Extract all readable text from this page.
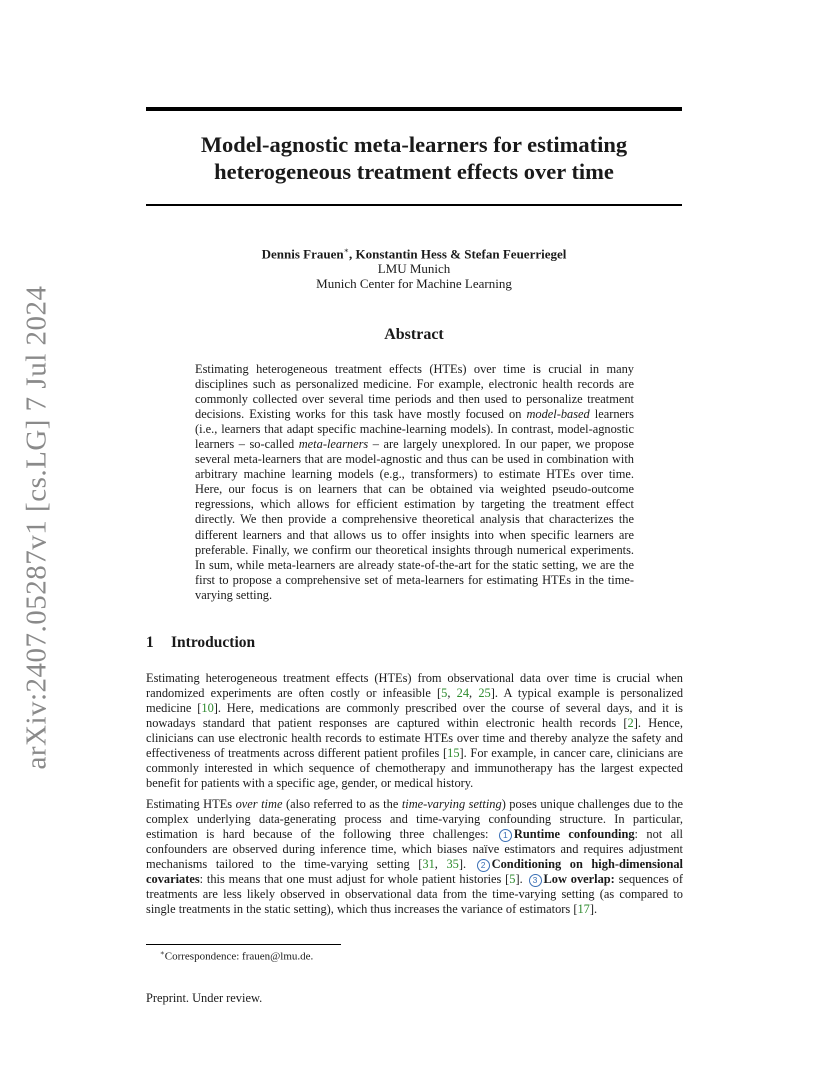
arXiv:2407.05287v1 [cs.LG] 7 Jul 2024
Model-agnostic meta-learners for estimating
heterogeneous treatment effects over time
Dennis Frauen∗, Konstantin Hess & Stefan Feuerriegel
LMU Munich
Munich Center for Machine Learning
Abstract

Estimating heterogeneous treatment effects (HTEs) over time is crucial in many disciplines such as personalized medicine. For example, electronic health records are commonly collected over several time periods and then used to personalize treatment decisions. Existing works for this task have mostly focused on model-based learners (i.e., learners that adapt specific machine-learning models). In contrast, model-agnostic learners – so-called meta-learners – are largely unexplored. In our paper, we propose several meta-learners that are model-agnostic and thus can be used in combination with arbitrary machine learning models (e.g., transformers) to estimate HTEs over time. Here, our focus is on learners that can be obtained via weighted pseudo-outcome regressions, which allows for efficient estimation by targeting the treatment effect directly. We then provide a comprehensive theoretical analysis that characterizes the different learners and that allows us to offer insights into when specific learners are preferable. Finally, we confirm our theoretical insights through numerical experiments. In sum, while meta-learners are already state-of-the-art for the static setting, we are the first to propose a comprehensive set of meta-learners for estimating HTEs in the time-varying setting.

1 Introduction

Estimating heterogeneous treatment effects (HTEs) from observational data over time is crucial when randomized experiments are often costly or infeasible [5, 24, 25]. A typical example is personalized medicine [10]. Here, medications are commonly prescribed over the course of several days, and it is nowadays standard that patient responses are captured within electronic health records [2]. Hence, clinicians can use electronic health records to estimate HTEs over time and thereby analyze the safety and effectiveness of treatments across different patient profiles [15]. For example, in cancer care, clinicians are commonly interested in which sequence of chemotherapy and immunotherapy has the largest expected benefit for patients with a specific age, gender, or medical history.

Estimating HTEs over time (also referred to as the time-varying setting) poses unique challenges due to the complex underlying data-generating process and time-varying confounding structure. In particular, estimation is hard because of the following three challenges: 1 Runtime confounding: not all confounders are observed during inference time, which biases naïve estimators and requires adjustment mechanisms tailored to the time-varying setting [31, 35]. 2 Conditioning on high-dimensional covariates: this means that one must adjust for whole patient histories [5]. 3 Low overlap: sequences of treatments are less likely observed in observational data from the time-varying setting (as compared to single treatments in the static setting), which thus increases the variance of estimators [17].

∗Correspondence: frauen@lmu.de.
Preprint. Under review.
